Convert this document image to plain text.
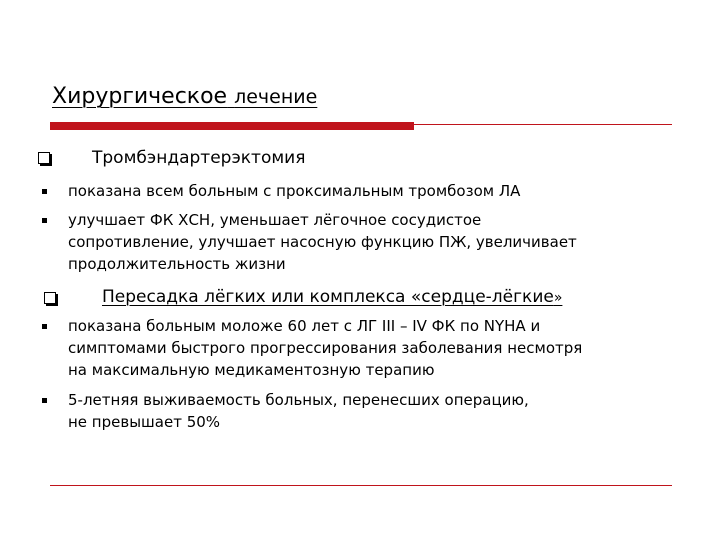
Хирургическое лечение
Тромбэндартерэктомия
показана всем больным с проксимальным тромбозом ЛА
улучшает ФК ХСН, уменьшает лёгочное сосудистое
сопротивление, улучшает насосную функцию ПЖ, увеличивает
продолжительность жизни
Пересадка лёгких или комплекса «сердце-лёгкие»
показана больным моложе 60 лет с ЛГ III – IV ФК по NYHA и
симптомами быстрого прогрессирования заболевания несмотря
на максимальную медикаментозную терапию
5-летняя выживаемость больных, перенесших операцию,
не превышает 50%
